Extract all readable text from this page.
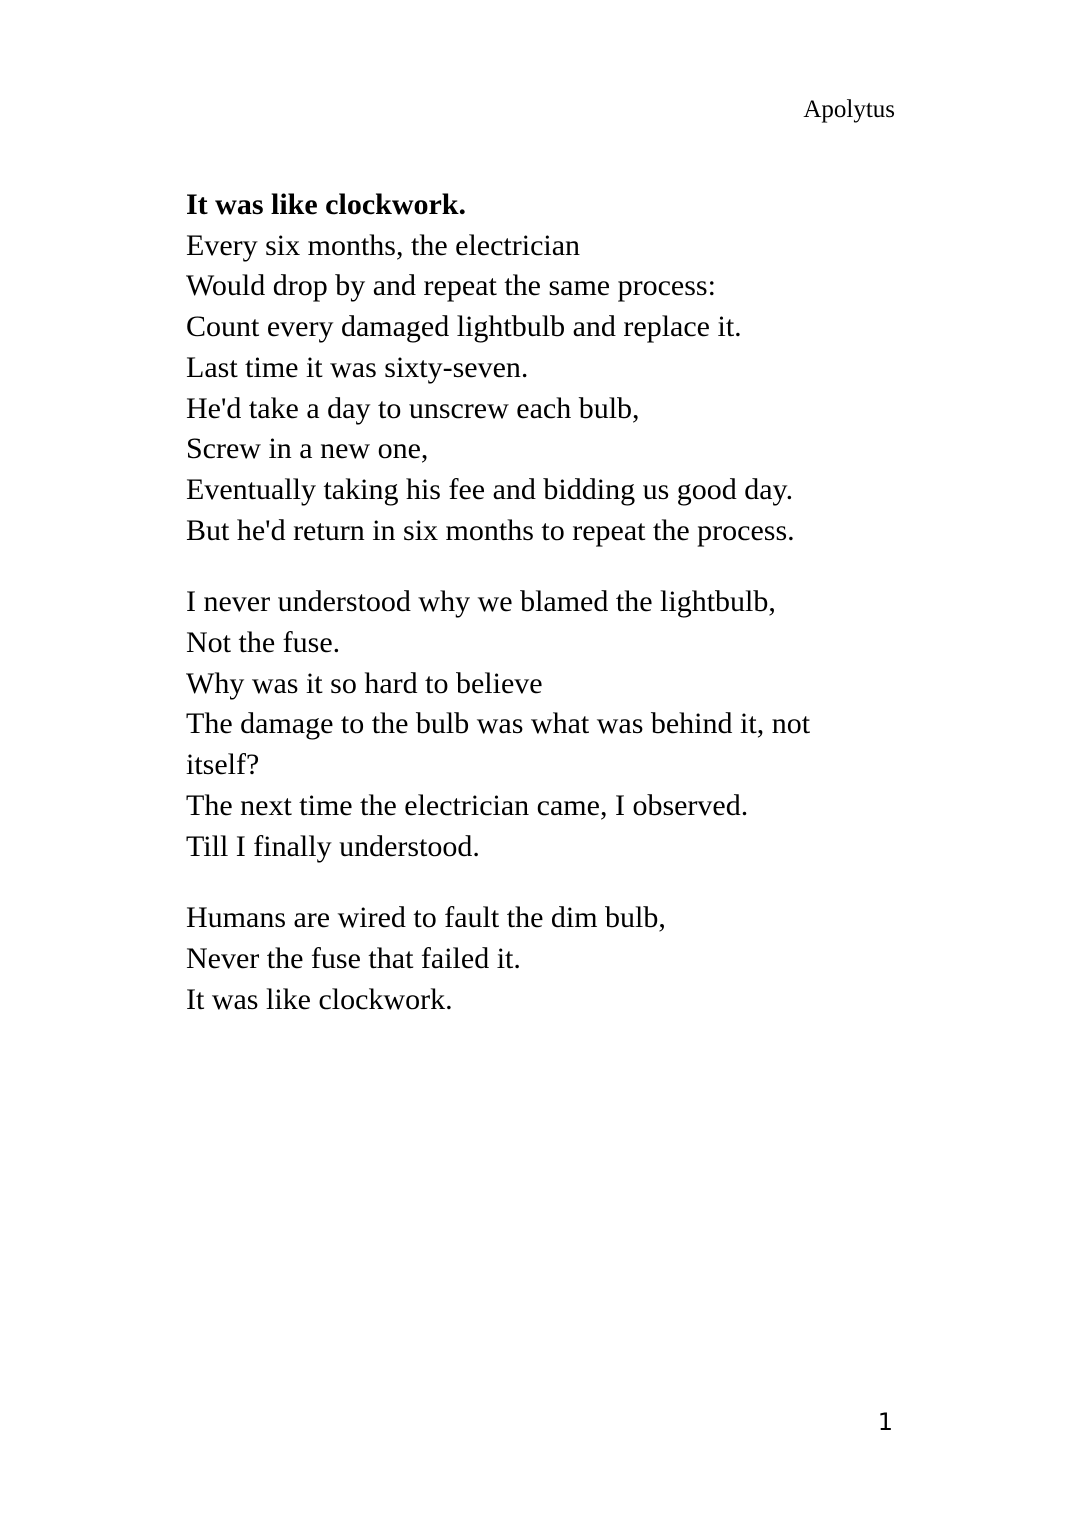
Apolytus
It was like clockwork.
Every six months, the electrician
Would drop by and repeat the same process:
Count every damaged lightbulb and replace it.
Last time it was sixty-seven.
He'd take a day to unscrew each bulb,
Screw in a new one,
Eventually taking his fee and bidding us good day.
But he'd return in six months to repeat the process.
I never understood why we blamed the lightbulb,
Not the fuse.
Why was it so hard to believe
The damage to the bulb was what was behind it, not
itself?
The next time the electrician came, I observed.
Till I finally understood.
Humans are wired to fault the dim bulb,
Never the fuse that failed it.
It was like clockwork.
1
